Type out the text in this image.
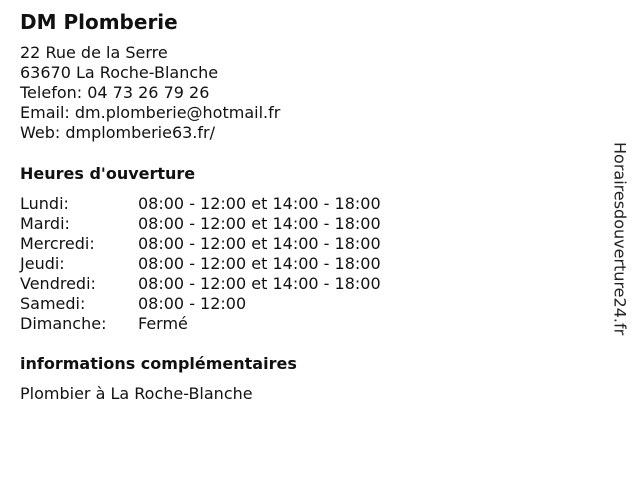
DM Plomberie
22 Rue de la Serre
63670 La Roche-Blanche
Telefon: 04 73 26 79 26
Email: dm.plomberie@hotmail.fr
Web: dmplomberie63.fr/
Heures d'ouverture
Lundi:	08:00 - 12:00 et 14:00 - 18:00
Mardi:	08:00 - 12:00 et 14:00 - 18:00
Mercredi:	08:00 - 12:00 et 14:00 - 18:00
Jeudi:	08:00 - 12:00 et 14:00 - 18:00
Vendredi:	08:00 - 12:00 et 14:00 - 18:00
Samedi:	08:00 - 12:00
Dimanche:	Fermé
informations complémentaires
Plombier à La Roche-Blanche
Horairesdouverture24.fr
